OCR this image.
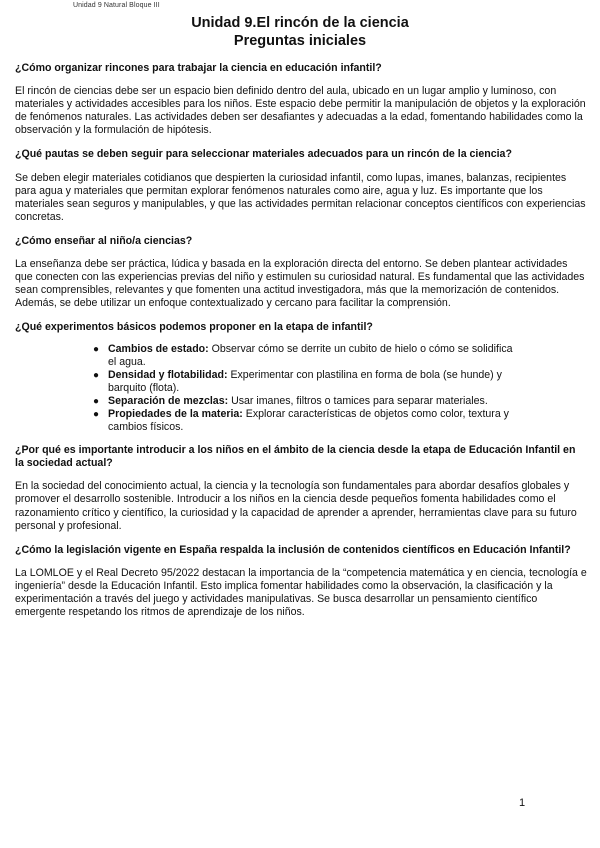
Unidad 9 Natural Bloque III
Unidad 9.El rincón de la ciencia
Preguntas iniciales
¿Cómo organizar rincones para trabajar la ciencia en educación infantil?
El rincón de ciencias debe ser un espacio bien definido dentro del aula, ubicado en un lugar amplio y luminoso, con materiales y actividades accesibles para los niños. Este espacio debe permitir la manipulación de objetos y la exploración de fenómenos naturales. Las actividades deben ser desafiantes y adecuadas a la edad, fomentando habilidades como la observación y la formulación de hipótesis.
¿Qué pautas se deben seguir para seleccionar materiales adecuados para un rincón de la ciencia?
Se deben elegir materiales cotidianos que despierten la curiosidad infantil, como lupas, imanes, balanzas, recipientes para agua y materiales que permitan explorar fenómenos naturales como aire, agua y luz. Es importante que los materiales sean seguros y manipulables, y que las actividades permitan relacionar conceptos científicos con experiencias concretas.
¿Cómo enseñar al niño/a ciencias?
La enseñanza debe ser práctica, lúdica y basada en la exploración directa del entorno. Se deben plantear actividades que conecten con las experiencias previas del niño y estimulen su curiosidad natural. Es fundamental que las actividades sean comprensibles, relevantes y que fomenten una actitud investigadora, más que la memorización de contenidos. Además, se debe utilizar un enfoque contextualizado y cercano para facilitar la comprensión.
¿Qué experimentos básicos podemos proponer en la etapa de infantil?
● Cambios de estado: Observar cómo se derrite un cubito de hielo o cómo se solidifica el agua.
● Densidad y flotabilidad: Experimentar con plastilina en forma de bola (se hunde) y barquito (flota).
● Separación de mezclas: Usar imanes, filtros o tamices para separar materiales.
● Propiedades de la materia: Explorar características de objetos como color, textura y cambios físicos.
¿Por qué es importante introducir a los niños en el ámbito de la ciencia desde la etapa de Educación Infantil en la sociedad actual?
En la sociedad del conocimiento actual, la ciencia y la tecnología son fundamentales para abordar desafíos globales y promover el desarrollo sostenible. Introducir a los niños en la ciencia desde pequeños fomenta habilidades como el razonamiento crítico y científico, la curiosidad y la capacidad de aprender a aprender, herramientas clave para su futuro personal y profesional.
¿Cómo la legislación vigente en España respalda la inclusión de contenidos científicos en Educación Infantil?
La LOMLOE y el Real Decreto 95/2022 destacan la importancia de la “competencia matemática y en ciencia, tecnología e ingeniería” desde la Educación Infantil. Esto implica fomentar habilidades como la observación, la clasificación y la experimentación a través del juego y actividades manipulativas. Se busca desarrollar un pensamiento científico emergente respetando los ritmos de aprendizaje de los niños.
1
